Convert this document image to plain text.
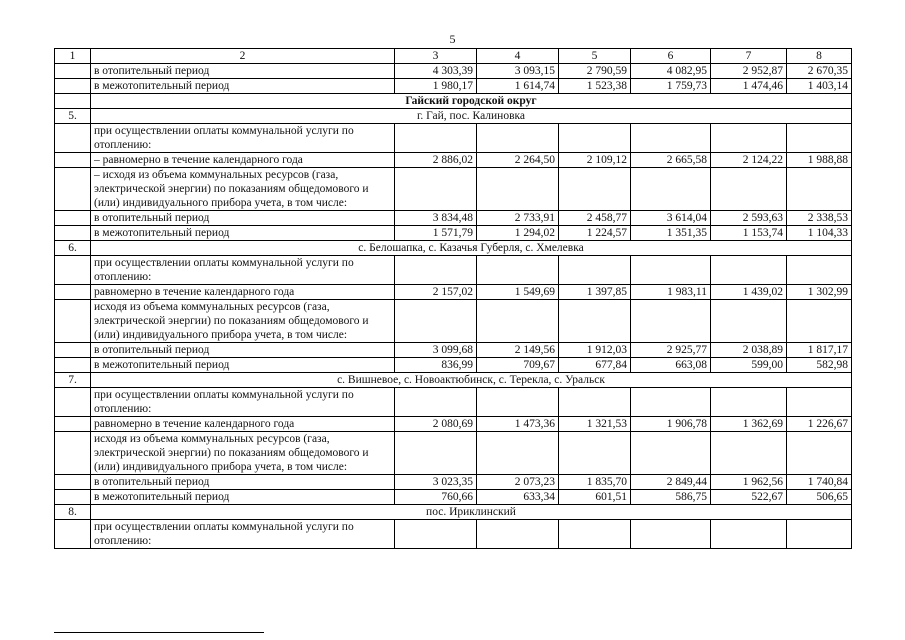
5
1	2	3	4	5	6	7	8
	в отопительный период	4 303,39	3 093,15	2 790,59	4 082,95	2 952,87	2 670,35
	в межотопительный период	1 980,17	1 614,74	1 523,38	1 759,73	1 474,46	1 403,14
	Гайский городской округ						
5.	г. Гай, пос. Калиновка						
	при осуществлении оплаты коммунальной услуги по отоплению:						
	– равномерно в течение календарного года	2 886,02	2 264,50	2 109,12	2 665,58	2 124,22	1 988,88
	– исходя из объема коммунальных ресурсов (газа, электрической энергии) по показаниям общедомового и (или) индивидуального прибора учета, в том числе:						
	в отопительный период	3 834,48	2 733,91	2 458,77	3 614,04	2 593,63	2 338,53
	в межотопительный период	1 571,79	1 294,02	1 224,57	1 351,35	1 153,74	1 104,33
6.	с. Белошапка, с. Казачья Губерля, с. Хмелевка						
	при осуществлении оплаты коммунальной услуги по отоплению:						
	равномерно в течение календарного года	2 157,02	1 549,69	1 397,85	1 983,11	1 439,02	1 302,99
	исходя из объема коммунальных ресурсов (газа, электрической энергии) по показаниям общедомового и (или) индивидуального прибора учета, в том числе:						
	в отопительный период	3 099,68	2 149,56	1 912,03	2 925,77	2 038,89	1 817,17
	в межотопительный период	836,99	709,67	677,84	663,08	599,00	582,98
7.	с. Вишневое, с. Новоактюбинск, с. Терекла, с. Уральск						
	при осуществлении оплаты коммунальной услуги по отоплению:						
	равномерно в течение календарного года	2 080,69	1 473,36	1 321,53	1 906,78	1 362,69	1 226,67
	исходя из объема коммунальных ресурсов (газа, электрической энергии) по показаниям общедомового и (или) индивидуального прибора учета, в том числе:						
	в отопительный период	3 023,35	2 073,23	1 835,70	2 849,44	1 962,56	1 740,84
	в межотопительный период	760,66	633,34	601,51	586,75	522,67	506,65
8.	пос. Ириклинский						
	при осуществлении оплаты коммунальной услуги по отоплению:						
